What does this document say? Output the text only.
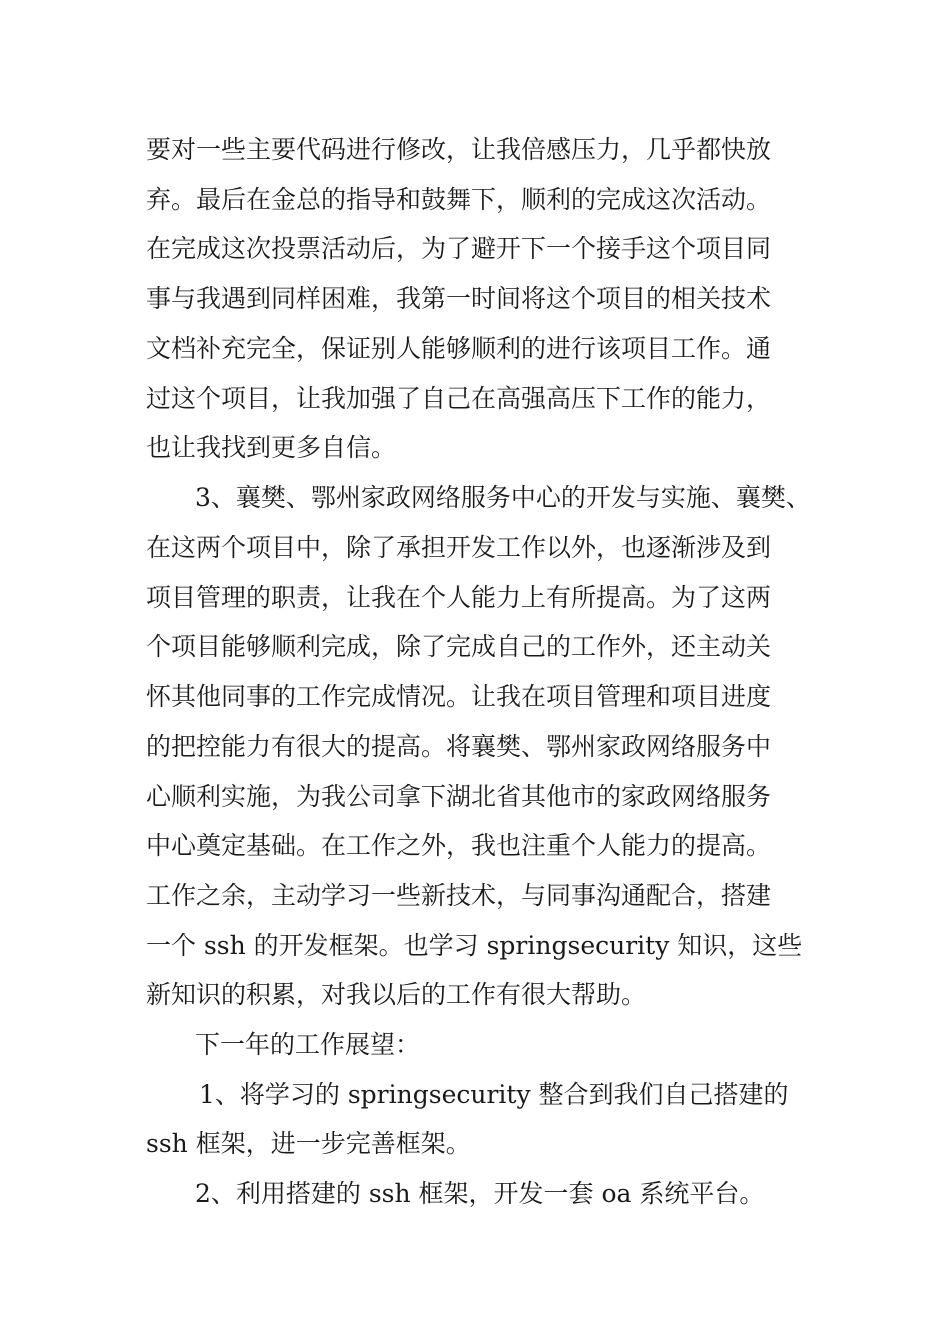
要对一些主要代码进行修改，让我倍感压力，几乎都快放

弃。最后在金总的指导和鼓舞下，顺利的完成这次活动。

在完成这次投票活动后，为了避开下一个接手这个项目同

事与我遇到同样困难，我第一时间将这个项目的相关技术

文档补充完全，保证别人能够顺利的进行该项目工作。通

过这个项目，让我加强了自己在高强高压下工作的能力，

也让我找到更多自信。

3、襄樊、鄂州家政网络服务中心的开发与实施、襄樊、

在这两个项目中，除了承担开发工作以外，也逐渐涉及到

项目管理的职责，让我在个人能力上有所提高。为了这两

个项目能够顺利完成，除了完成自己的工作外，还主动关

怀其他同事的工作完成情况。让我在项目管理和项目进度

的把控能力有很大的提高。将襄樊、鄂州家政网络服务中

心顺利实施，为我公司拿下湖北省其他市的家政网络服务

中心奠定基础。在工作之外，我也注重个人能力的提高。

工作之余，主动学习一些新技术，与同事沟通配合，搭建

一个 ssh 的开发框架。也学习 springsecurity 知识，这些

新知识的积累，对我以后的工作有很大帮助。

下一年的工作展望：

1、将学习的 springsecurity 整合到我们自己搭建的

ssh 框架，进一步完善框架。

2、利用搭建的 ssh 框架，开发一套 oa 系统平台。
